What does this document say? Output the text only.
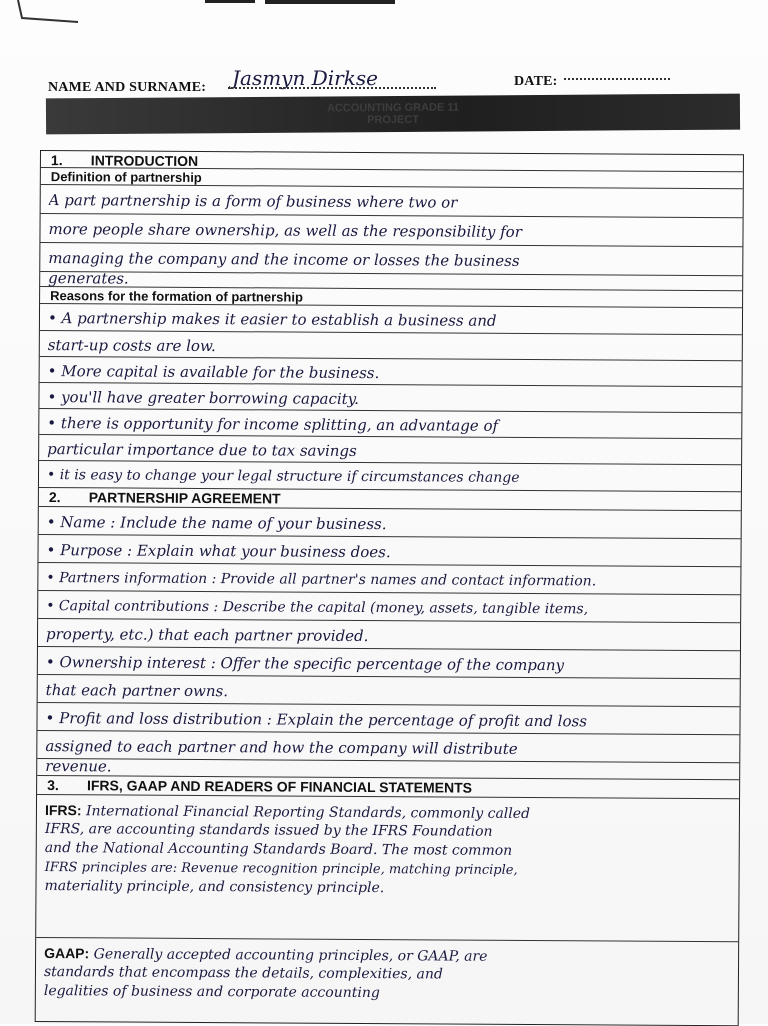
NAME AND SURNAME: Jasmyn Dirkse	DATE:
ACCOUNTING GRADE 11
PROJECT
1. INTRODUCTION
Definition of partnership
A part partnership is a form of business where two or
more people share ownership, as well as the responsibility for
managing the company and the income or losses the business
generates.
Reasons for the formation of partnership
• A partnership makes it easier to establish a business and
start-up costs are low.
• More capital is available for the business.
• you'll have greater borrowing capacity.
• there is opportunity for income splitting, an advantage of
particular importance due to tax savings
• it is easy to change your legal structure if circumstances change
2. PARTNERSHIP AGREEMENT
• Name : Include the name of your business.
• Purpose : Explain what your business does.
• Partners information : Provide all partner's names and contact information.
• Capital contributions : Describe the capital (money, assets, tangible items,
property, etc.) that each partner provided.
• Ownership interest : Offer the specific percentage of the company
that each partner owns.
• Profit and loss distribution : Explain the percentage of profit and loss
assigned to each partner and how the company will distribute
revenue.
3. IFRS, GAAP AND READERS OF FINANCIAL STATEMENTS
IFRS: International Financial Reporting Standards, commonly called
IFRS, are accounting standards issued by the IFRS Foundation
and the National Accounting Standards Board. The most common
IFRS principles are: Revenue recognition principle, matching principle,
materiality principle, and consistency principle.
GAAP: Generally accepted accounting principles, or GAAP, are
standards that encompass the details, complexities, and
legalities of business and corporate accounting
